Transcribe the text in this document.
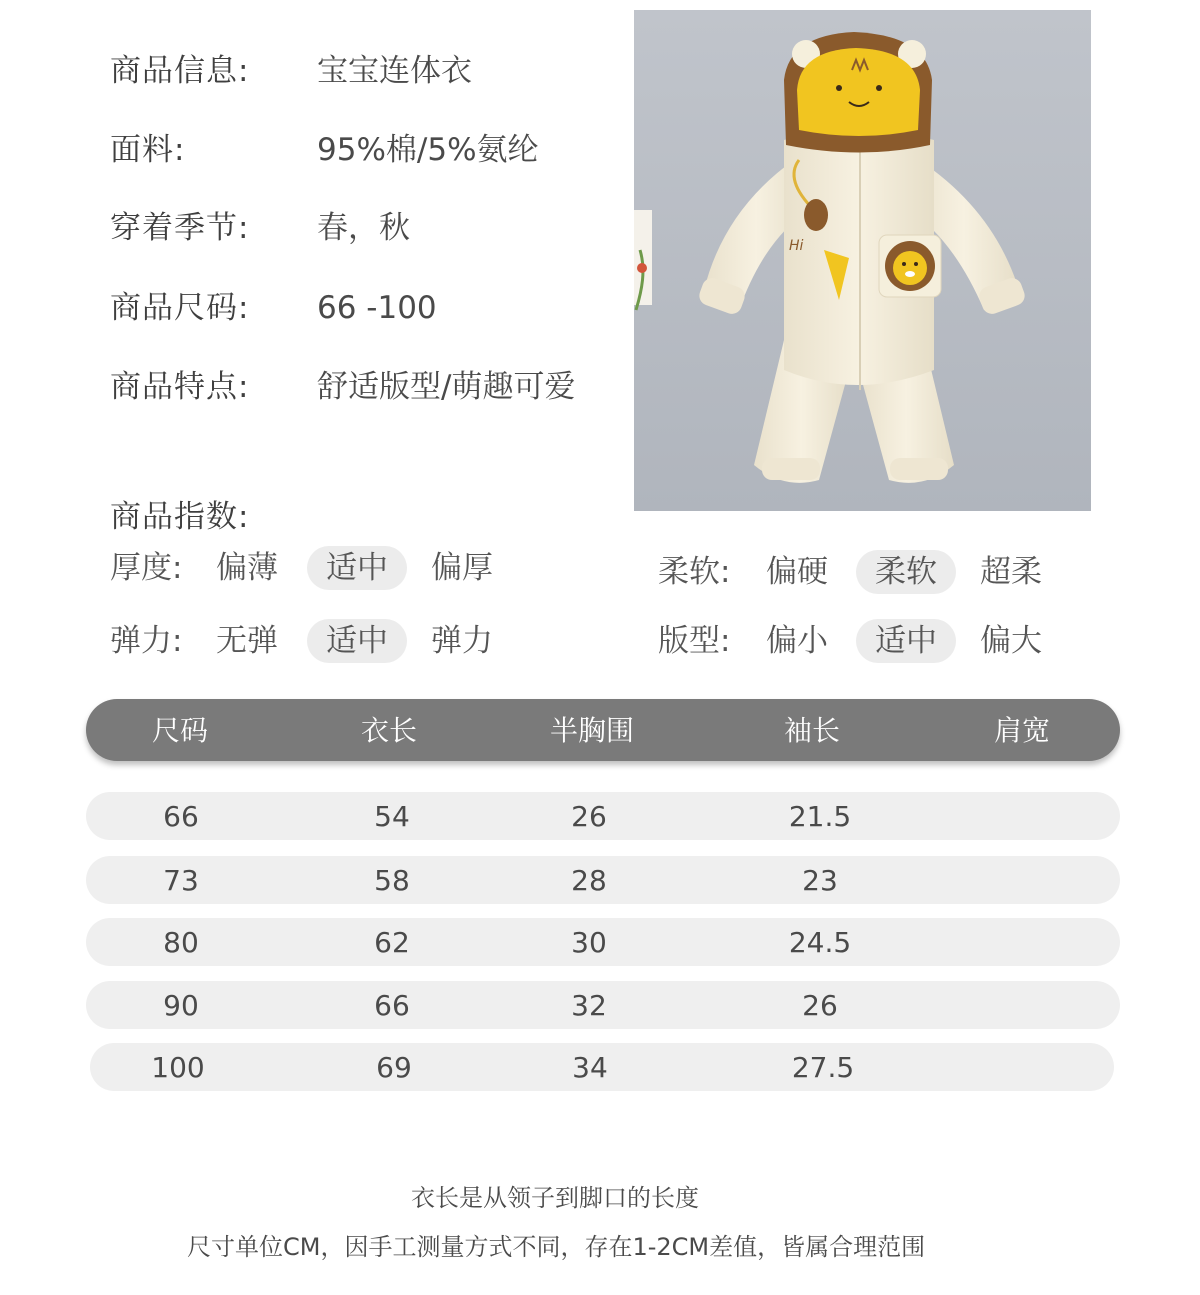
商品信息: 宝宝连体衣
面料:	95%棉/5%氨纶
穿着季节: 春，秋
商品尺码: 66 -100
商品特点: 舒适版型/萌趣可爱
Hi
商品指数:
厚度: 偏薄	适中	偏厚
弹力: 无弹	适中	弹力
柔软: 偏硬	柔软	超柔
版型: 偏小	适中	偏大
尺码	衣长	半胸围	袖长	肩宽
66	54	26	21.5
73	58	28	23
80	62	30	24.5
90	66	32	26
100	69	34	27.5
衣长是从领子到脚口的长度
尺寸单位CM，因手工测量方式不同，存在1-2CM差值，皆属合理范围
